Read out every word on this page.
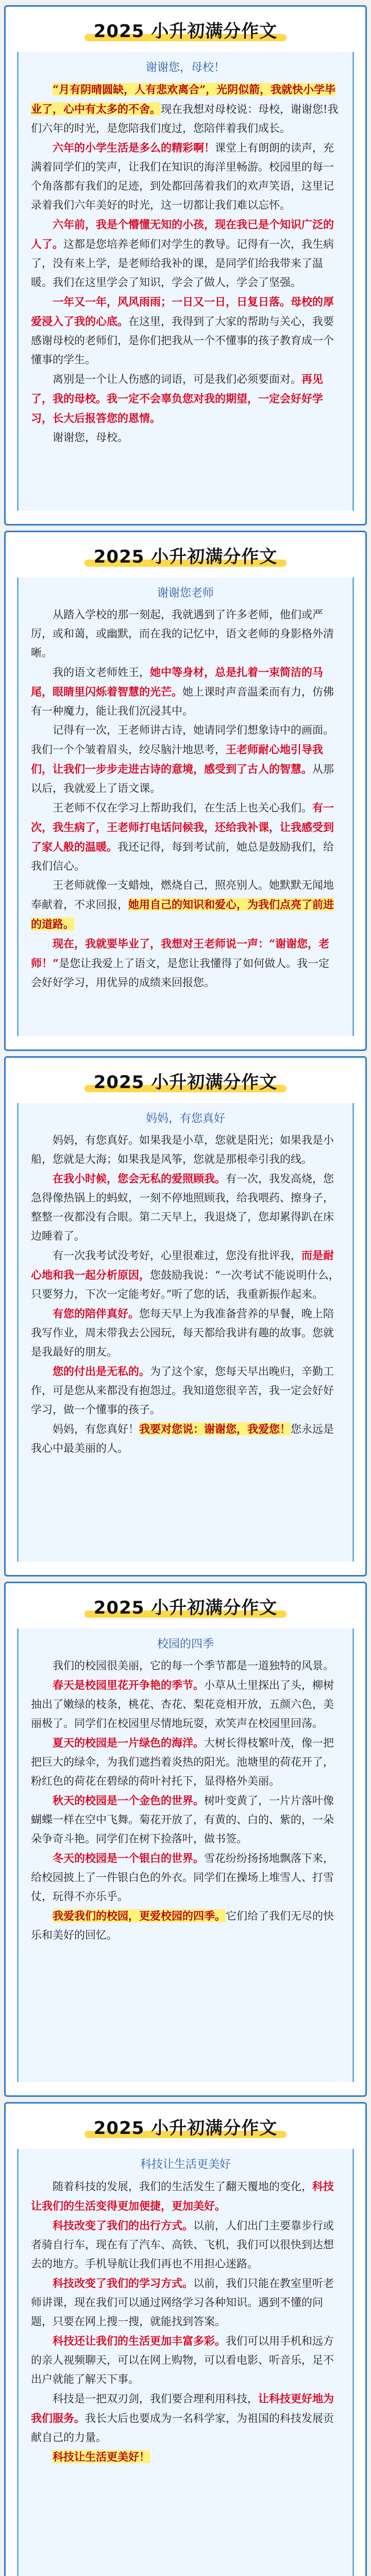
2025 小升初满分作文

谢谢您，母校！

“月有阴晴圆缺，人有悲欢离合”，光阴似箭，我就快小学毕业了，心中有太多的不舍。现在我想对母校说：母校，谢谢您!我们六年的时光，是您陪我们度过，您陪伴着我们成长。

六年的小学生活是多么的精彩啊！课堂上有朗朗的读声，充满着同学们的笑声，让我们在知识的海洋里畅游。校园里的每一个角落都有我们的足迹，到处都回荡着我们的欢声笑语，这里记录着我们六年美好的时光，这一切都让我们难以忘怀。

六年前，我是个懵懂无知的小孩，现在我已是个知识广泛的人了。这都是您培养老师们对学生的教导。记得有一次，我生病了，没有来上学，是老师给我补的课，是同学们给我带来了温暖。我们在这里学会了知识，学会了做人，学会了坚强。

一年又一年，风风雨雨；一日又一日，日复日落。母校的厚爱浸入了我的心底。在这里，我得到了大家的帮助与关心，我要感谢母校的老师们，是你们把我从一个不懂事的孩子教育成一个懂事的学生。

离别是一个让人伤感的词语，可是我们必须要面对。再见了，我的母校。我一定不会辜负您对我的期望，一定会好好学习，长大后报答您的恩情。

谢谢您，母校。

2025 小升初满分作文

谢谢您老师

从踏入学校的那一刻起，我就遇到了许多老师，他们或严厉，或和蔼，或幽默，而在我的记忆中，语文老师的身影格外清晰。

我的语文老师姓王，她中等身材，总是扎着一束简洁的马尾，眼睛里闪烁着智慧的光芒。她上课时声音温柔而有力，仿佛有一种魔力，能让我们沉浸其中。

记得有一次，王老师讲古诗，她请同学们想象诗中的画面。我们一个个皱着眉头，绞尽脑汁地思考，王老师耐心地引导我们，让我们一步步走进古诗的意境，感受到了古人的智慧。从那以后，我就爱上了语文课。

王老师不仅在学习上帮助我们，在生活上也关心我们。有一次，我生病了，王老师打电话问候我，还给我补课，让我感受到了家人般的温暖。我还记得，每到考试前，她总是鼓励我们，给我们信心。

王老师就像一支蜡烛，燃烧自己，照亮别人。她默默无闻地奉献着，不求回报，她用自己的知识和爱心，为我们点亮了前进的道路。

现在，我就要毕业了，我想对王老师说一声：“谢谢您，老师！”是您让我爱上了语文，是您让我懂得了如何做人。我一定会好好学习，用优异的成绩来回报您。

2025 小升初满分作文

妈妈，有您真好

妈妈，有您真好。如果我是小草，您就是阳光；如果我是小船，您就是大海；如果我是风筝，您就是那根牵引我的线。

在我小时候，您会无私的爱照顾我。有一次，我发高烧，您急得像热锅上的蚂蚁，一刻不停地照顾我，给我喂药、擦身子，整整一夜都没有合眼。第二天早上，我退烧了，您却累得趴在床边睡着了。

有一次我考试没考好，心里很难过，您没有批评我，而是耐心地和我一起分析原因，您鼓励我说：“一次考试不能说明什么，只要努力，下次一定能考好。”听了您的话，我重新振作起来。

有您的陪伴真好。您每天早上为我准备营养的早餐，晚上陪我写作业，周末带我去公园玩，每天都给我讲有趣的故事。您就是我最好的朋友。

您的付出是无私的。为了这个家，您每天早出晚归，辛勤工作，可是您从来都没有抱怨过。我知道您很辛苦，我一定会好好学习，做一个懂事的孩子。

妈妈，有您真好！我要对您说：谢谢您，我爱您！您永远是我心中最美丽的人。

2025 小升初满分作文

校园的四季

我们的校园很美丽，它的每一个季节都是一道独特的风景。

春天是校园里花开争艳的季节。小草从土里探出了头，柳树抽出了嫩绿的枝条，桃花、杏花、梨花竞相开放，五颜六色，美丽极了。同学们在校园里尽情地玩耍，欢笑声在校园里回荡。

夏天的校园是一片绿色的海洋。大树长得枝繁叶茂，像一把把巨大的绿伞，为我们遮挡着炎热的阳光。池塘里的荷花开了，粉红色的荷花在碧绿的荷叶衬托下，显得格外美丽。

秋天的校园是一个金色的世界。树叶变黄了，一片片落叶像蝴蝶一样在空中飞舞。菊花开放了，有黄的、白的、紫的，一朵朵争奇斗艳。同学们在树下捡落叶，做书签。

冬天的校园是一个银白的世界。雪花纷纷扬扬地飘落下来，给校园披上了一件银白色的外衣。同学们在操场上堆雪人、打雪仗，玩得不亦乐乎。

我爱我们的校园，更爱校园的四季。它们给了我们无尽的快乐和美好的回忆。

2025 小升初满分作文

科技让生活更美好

随着科技的发展，我们的生活发生了翻天覆地的变化，科技让我们的生活变得更加便捷，更加美好。

科技改变了我们的出行方式。以前，人们出门主要靠步行或者骑自行车，现在有了汽车、高铁、飞机，我们可以很快到达想去的地方。手机导航让我们再也不用担心迷路。

科技改变了我们的学习方式。以前，我们只能在教室里听老师讲课，现在我们可以通过网络学习各种知识。遇到不懂的问题，只要在网上搜一搜，就能找到答案。

科技还让我们的生活更加丰富多彩。我们可以用手机和远方的亲人视频聊天，可以在网上购物，可以看电影、听音乐，足不出户就能了解天下事。

科技是一把双刃剑，我们要合理利用科技，让科技更好地为我们服务。我长大后也要成为一名科学家，为祖国的科技发展贡献自己的力量。

科技让生活更美好！
